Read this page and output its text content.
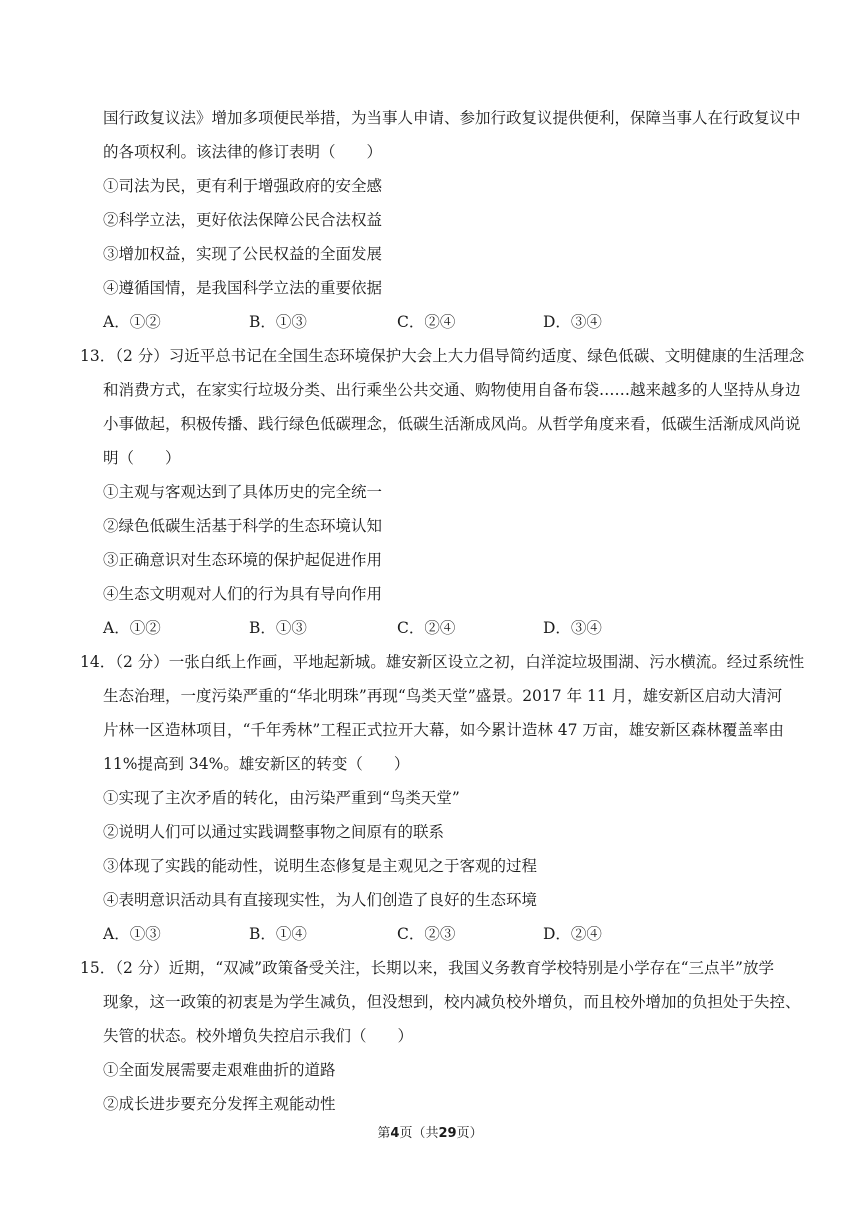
国行政复议法》增加多项便民举措，为当事人申请、参加行政复议提供便利，保障当事人在行政复议中
的各项权利。该法律的修订表明（　　）
①司法为民，更有利于增强政府的安全感
②科学立法，更好依法保障公民合法权益
③增加权益，实现了公民权益的全面发展
④遵循国情，是我国科学立法的重要依据
A．①②	B．①③	C．②④	D．③④
13．（2 分）习近平总书记在全国生态环境保护大会上大力倡导简约适度、绿色低碳、文明健康的生活理念
和消费方式，在家实行垃圾分类、出行乘坐公共交通、购物使用自备布袋……越来越多的人坚持从身边
小事做起，积极传播、践行绿色低碳理念，低碳生活渐成风尚。从哲学角度来看，低碳生活渐成风尚说
明（　　）
①主观与客观达到了具体历史的完全统一
②绿色低碳生活基于科学的生态环境认知
③正确意识对生态环境的保护起促进作用
④生态文明观对人们的行为具有导向作用
A．①②	B．①③	C．②④	D．③④
14．（2 分）一张白纸上作画，平地起新城。雄安新区设立之初，白洋淀垃圾围湖、污水横流。经过系统性
生态治理，一度污染严重的“华北明珠”再现“鸟类天堂”盛景。2017 年 11 月，雄安新区启动大清河
片林一区造林项目，“千年秀林”工程正式拉开大幕，如今累计造林 47 万亩，雄安新区森林覆盖率由
11%提高到 34%。雄安新区的转变（　　）
①实现了主次矛盾的转化，由污染严重到“鸟类天堂”
②说明人们可以通过实践调整事物之间原有的联系
③体现了实践的能动性，说明生态修复是主观见之于客观的过程
④表明意识活动具有直接现实性，为人们创造了良好的生态环境
A．①③	B．①④	C．②③	D．②④
15．（2 分）近期，“双减”政策备受关注，长期以来，我国义务教育学校特别是小学存在“三点半”放学
现象，这一政策的初衷是为学生减负，但没想到，校内减负校外增负，而且校外增加的负担处于失控、
失管的状态。校外增负失控启示我们（　　）
①全面发展需要走艰难曲折的道路
②成长进步要充分发挥主观能动性
第4页（共29页）
